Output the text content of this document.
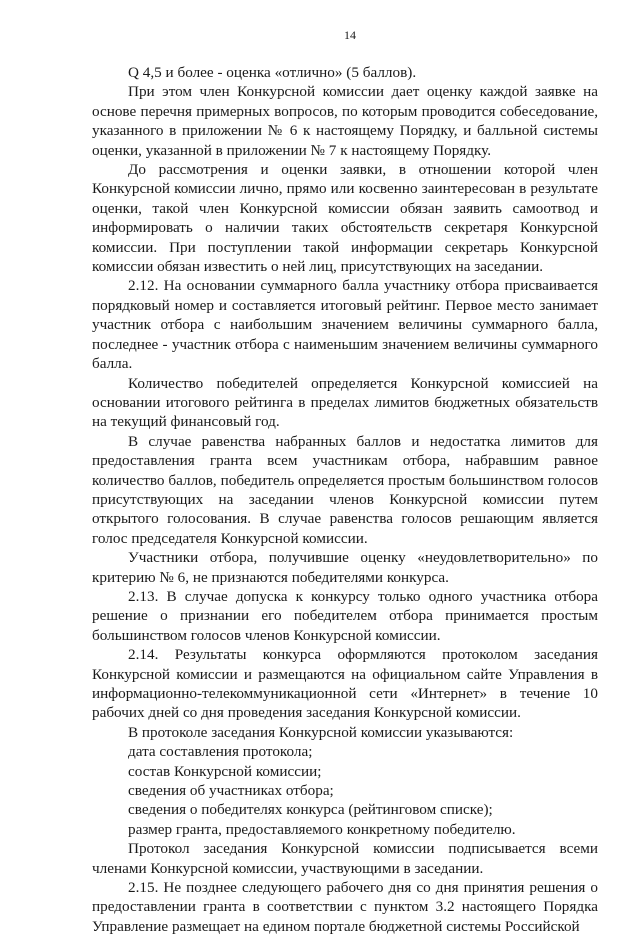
14

Q 4,5 и более - оценка «отлично» (5 баллов).

При этом член Конкурсной комиссии дает оценку каждой заявке на основе перечня примерных вопросов, по которым проводится собеседование, указанного в приложении № 6 к настоящему Порядку, и балльной системы оценки, указанной в приложении № 7 к настоящему Порядку.

До рассмотрения и оценки заявки, в отношении которой член Конкурсной комиссии лично, прямо или косвенно заинтересован в результате оценки, такой член Конкурсной комиссии обязан заявить самоотвод и информировать о наличии таких обстоятельств секретаря Конкурсной комиссии. При поступлении такой информации секретарь Конкурсной комиссии обязан известить о ней лиц, присутствующих на заседании.

2.12. На основании суммарного балла участнику отбора присваивается порядковый номер и составляется итоговый рейтинг. Первое место занимает участник отбора с наибольшим значением величины суммарного балла, последнее - участник отбора с наименьшим значением величины суммарного балла.

Количество победителей определяется Конкурсной комиссией на основании итогового рейтинга в пределах лимитов бюджетных обязательств на текущий финансовый год.

В случае равенства набранных баллов и недостатка лимитов для предоставления гранта всем участникам отбора, набравшим равное количество баллов, победитель определяется простым большинством голосов присутствующих на заседании членов Конкурсной комиссии путем открытого голосования. В случае равенства голосов решающим является голос председателя Конкурсной комиссии.

Участники отбора, получившие оценку «неудовлетворительно» по критерию № 6, не признаются победителями конкурса.

2.13. В случае допуска к конкурсу только одного участника отбора решение о признании его победителем отбора принимается простым большинством голосов членов Конкурсной комиссии.

2.14. Результаты конкурса оформляются протоколом заседания Конкурсной комиссии и размещаются на официальном сайте Управления в информационно-телекоммуникационной сети «Интернет» в течение 10 рабочих дней со дня проведения заседания Конкурсной комиссии.

В протоколе заседания Конкурсной комиссии указываются:

дата составления протокола;

состав Конкурсной комиссии;

сведения об участниках отбора;

сведения о победителях конкурса (рейтинговом списке);

размер гранта, предоставляемого конкретному победителю.

Протокол заседания Конкурсной комиссии подписывается всеми членами Конкурсной комиссии, участвующими в заседании.

2.15. Не позднее следующего рабочего дня со дня принятия решения о предоставлении гранта в соответствии с пунктом 3.2 настоящего Порядка Управление размещает на едином портале бюджетной системы Российской
